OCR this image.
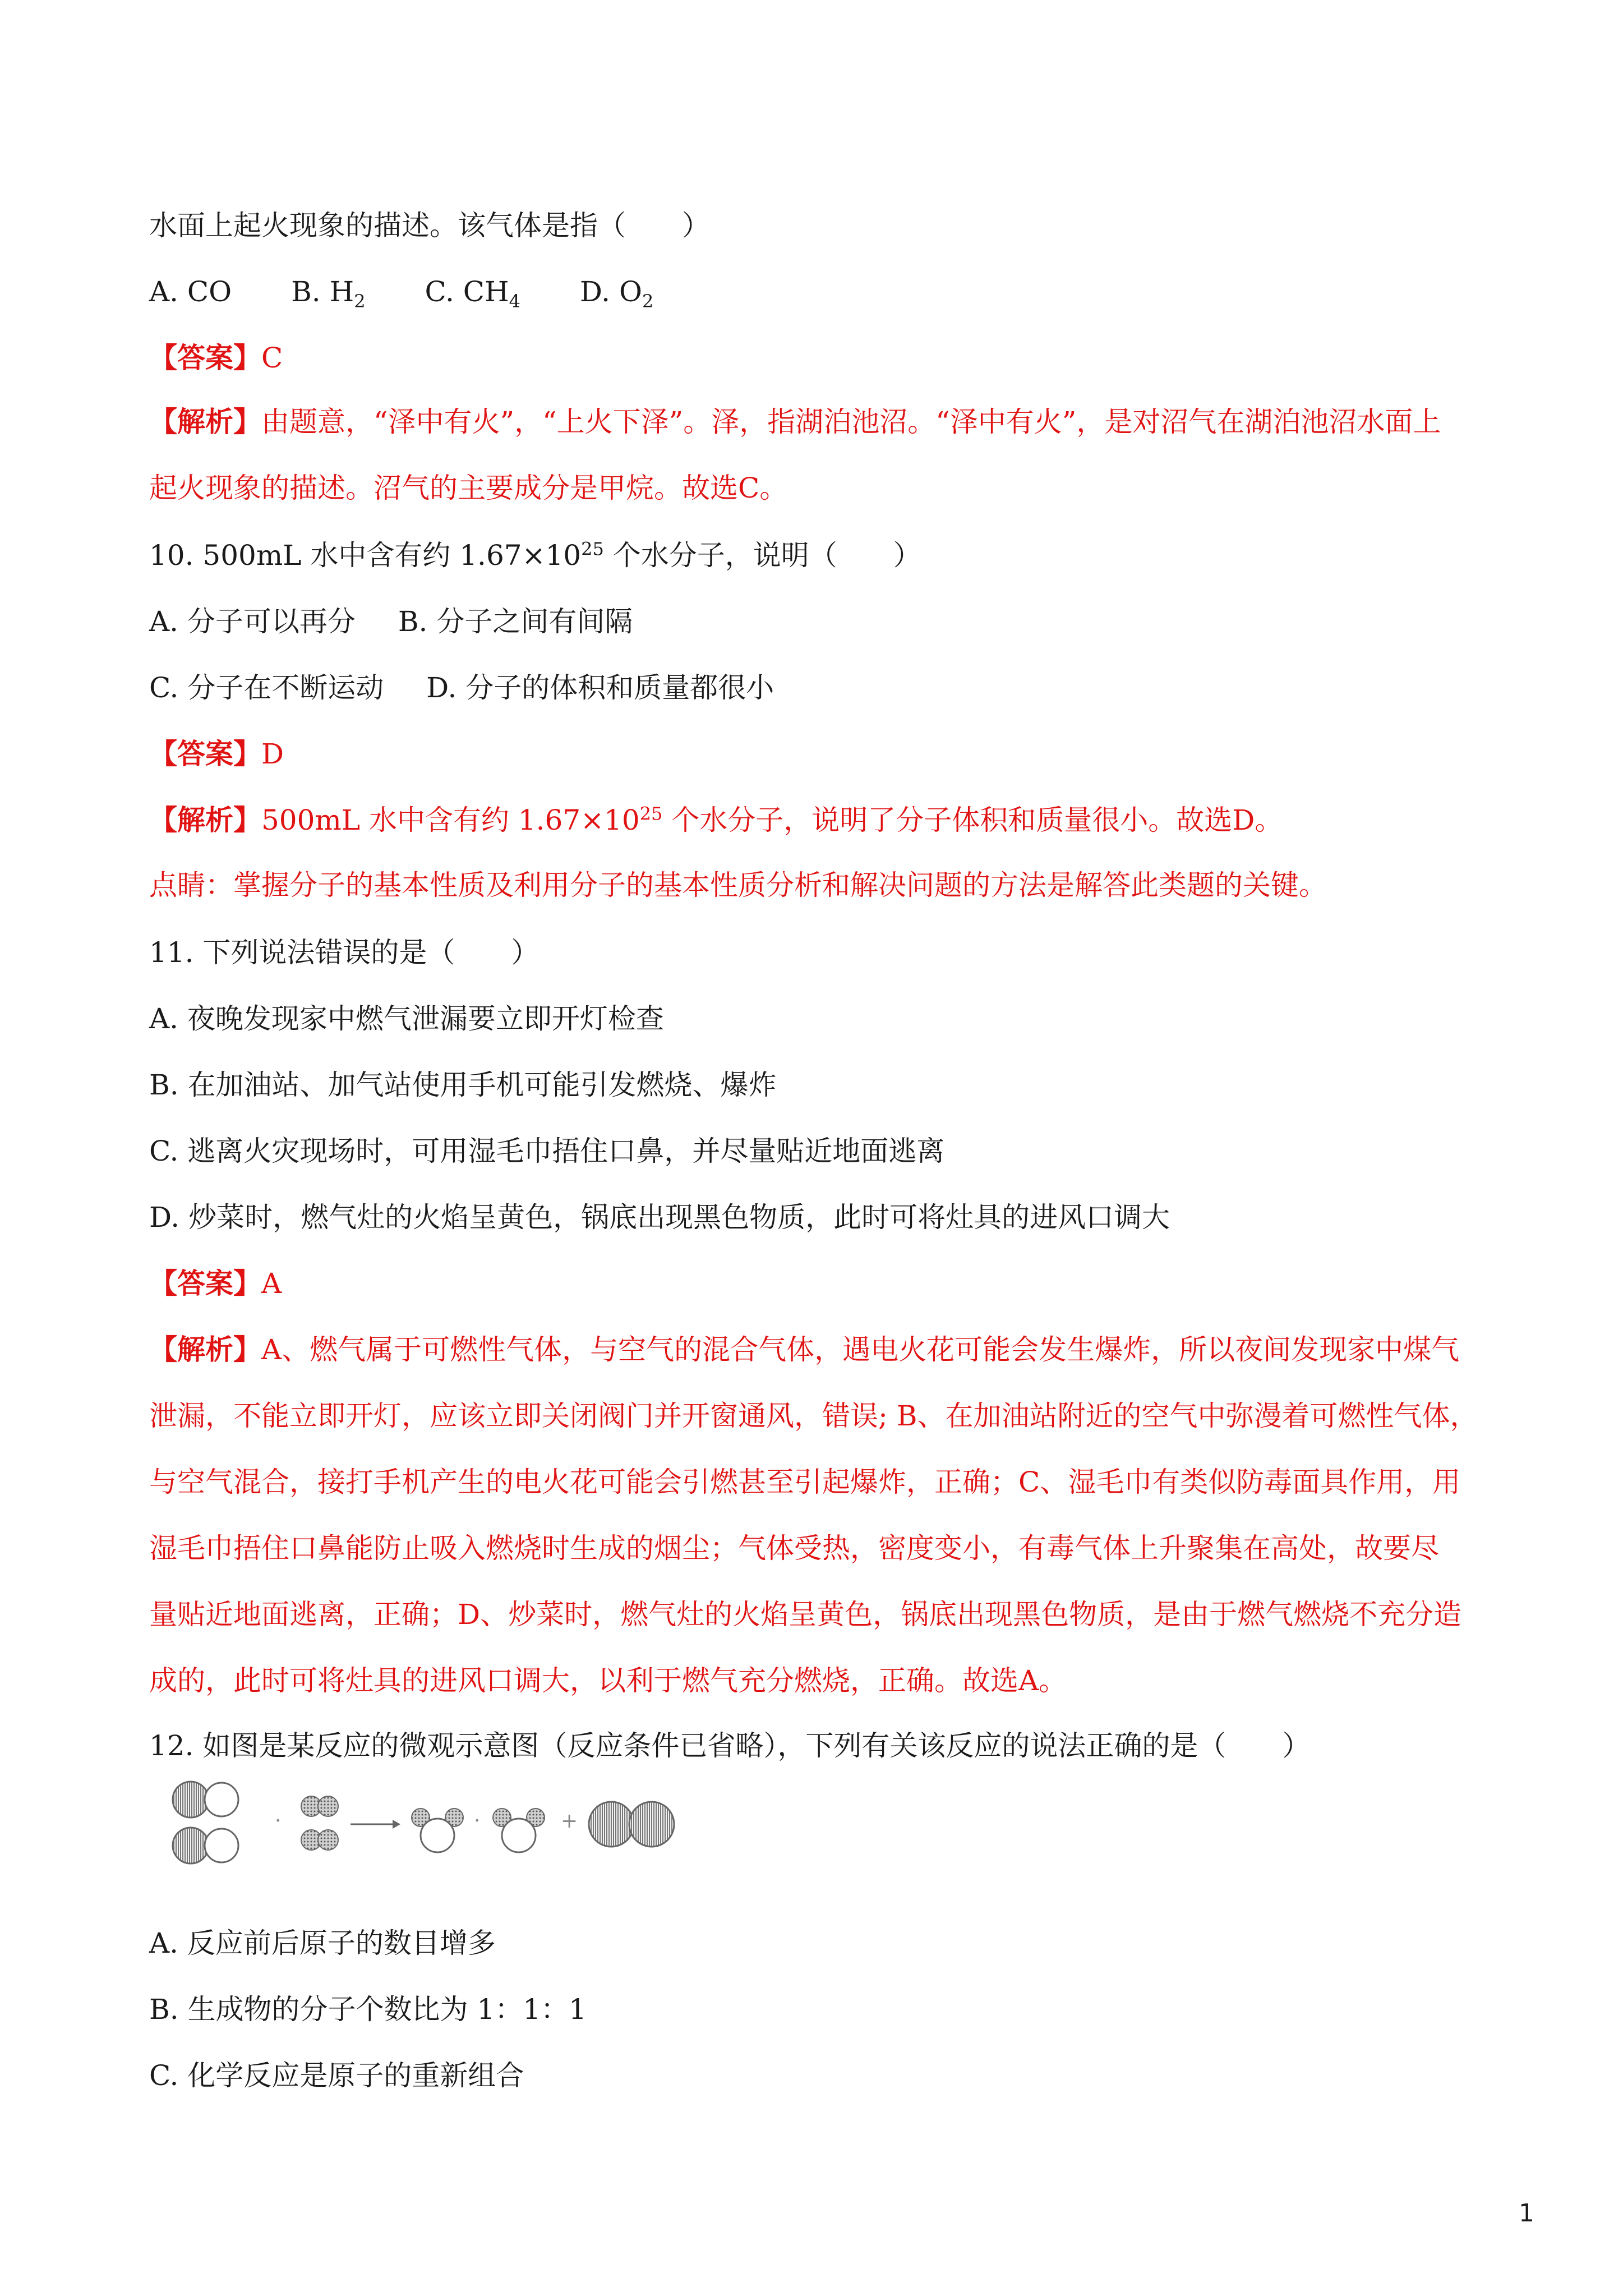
水面上起火现象的描述。该气体是指（　　）
A. CO B. $H_2$ C. $CH_4$ D. $O_2$
【答案】C
【解析】由题意，“泽中有火”，“上火下泽”。泽，指湖泊池沼。“泽中有火”，是对沼气在湖泊池沼水面上
起火现象的描述。沼气的主要成分是甲烷。故选C。
10. 500mL 水中含有约 $1.67\times 10^{25}$ 个水分子，说明（　　）
A. 分子可以再分 B. 分子之间有间隔
C. 分子在不断运动 D. 分子的体积和质量都很小
【答案】D
【解析】500mL 水中含有约 $1.67\times 10^{25}$ 个水分子，说明了分子体积和质量很小。故选D。
点睛：掌握分子的基本性质及利用分子的基本性质分析和解决问题的方法是解答此类题的关键。
11. 下列说法错误的是（　　）
A. 夜晚发现家中燃气泄漏要立即开灯检查
B. 在加油站、加气站使用手机可能引发燃烧、爆炸
C. 逃离火灾现场时，可用湿毛巾捂住口鼻，并尽量贴近地面逃离
D. 炒菜时，燃气灶的火焰呈黄色，锅底出现黑色物质，此时可将灶具的进风口调大
【答案】A
【解析】A、燃气属于可燃性气体，与空气的混合气体，遇电火花可能会发生爆炸，所以夜间发现家中煤气
泄漏，不能立即开灯，应该立即关闭阀门并开窗通风，错误; B、在加油站附近的空气中弥漫着可燃性气体，
与空气混合，接打手机产生的电火花可能会引燃甚至引起爆炸，正确；C、湿毛巾有类似防毒面具作用，用
湿毛巾捂住口鼻能防止吸入燃烧时生成的烟尘；气体受热，密度变小，有毒气体上升聚集在高处，故要尽
量贴近地面逃离，正确；D、炒菜时，燃气灶的火焰呈黄色，锅底出现黑色物质，是由于燃气燃烧不充分造
成的，此时可将灶具的进风口调大，以利于燃气充分燃烧，正确。故选A。
12. 如图是某反应的微观示意图（反应条件已省略），下列有关该反应的说法正确的是（　　）
·	·	+
A. 反应前后原子的数目增多
B. 生成物的分子个数比为 1：1：1
C. 化学反应是原子的重新组合
1
